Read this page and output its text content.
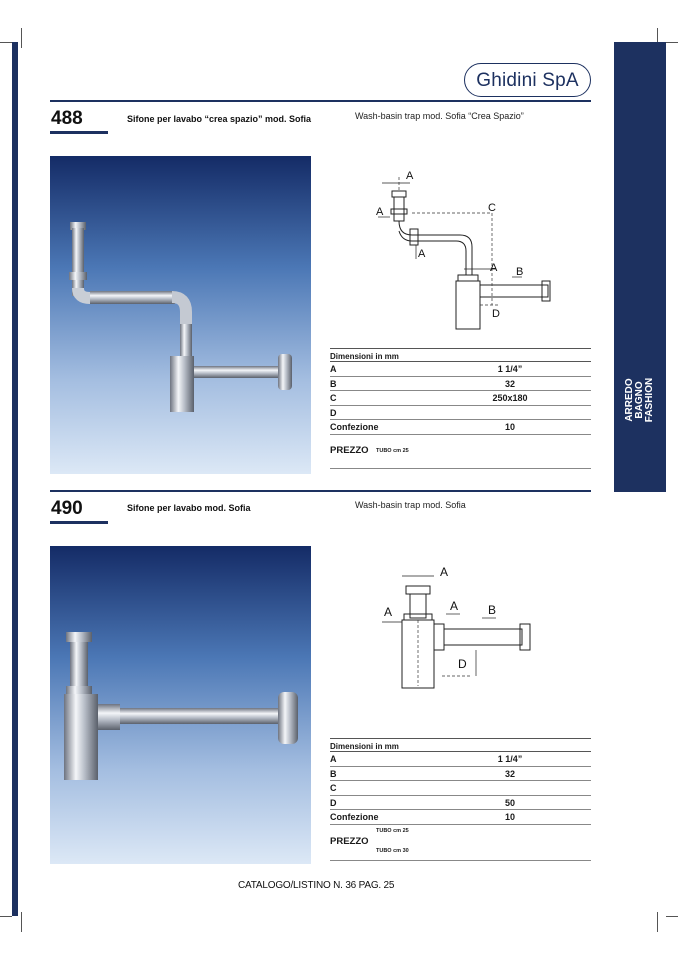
ARREDO BAGNO FASHION
Ghidini SpA
488	Sifone per lavabo “crea spazio” mod. Sofia	Wash-basin trap mod. Sofia “Crea Spazio”
A
A	C
A
A B
D
Dimensioni in mm
A	1 1/4”
B	32
C	250x180
D
Confezione	10
PREZZO TUBO cm 25
490	Sifone per lavabo mod. Sofia	Wash-basin trap mod. Sofia
A
A	A B
D
Dimensioni in mm
A	1 1/4”
B	32
C
D	50
Confezione	10
PREZZO
TUBO cm 25
TUBO cm 30
CATALOGO/LISTINO N. 36 PAG. 25
